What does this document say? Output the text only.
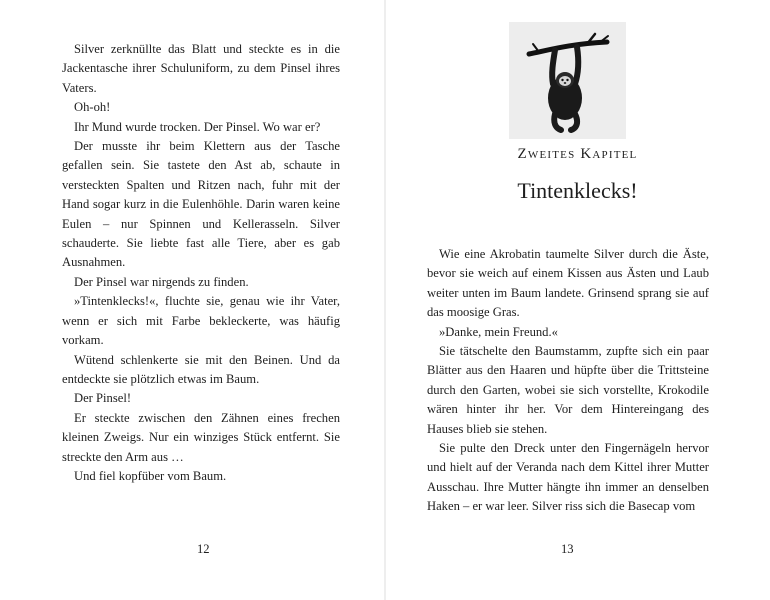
Silver zerknüllte das Blatt und steckte es in die Jackentasche ihrer Schuluniform, zu dem Pinsel ihres Vaters.

Oh-oh!

Ihr Mund wurde trocken. Der Pinsel. Wo war er?

Der musste ihr beim Klettern aus der Tasche gefallen sein. Sie tastete den Ast ab, schaute in versteckten Spalten und Ritzen nach, fuhr mit der Hand sogar kurz in die Eulenhöhle. Darin waren keine Eulen – nur Spinnen und Kellerasseln. Silver schauderte. Sie liebte fast alle Tiere, aber es gab Ausnahmen.

Der Pinsel war nirgends zu finden.

»Tintenklecks!«, fluchte sie, genau wie ihr Vater, wenn er sich mit Farbe bekleckerte, was häufig vorkam.

Wütend schlenkerte sie mit den Beinen. Und da entdeckte sie plötzlich etwas im Baum.

Der Pinsel!

Er steckte zwischen den Zähnen eines frechen kleinen Zweigs. Nur ein winziges Stück entfernt. Sie streckte den Arm aus …

Und fiel kopfüber vom Baum.

12
Zweites Kapitel
Tintenklecks!

Wie eine Akrobatin taumelte Silver durch die Äste, bevor sie weich auf einem Kissen aus Ästen und Laub weiter unten im Baum landete. Grinsend sprang sie auf das moosige Gras.

»Danke, mein Freund.«

Sie tätschelte den Baumstamm, zupfte sich ein paar Blätter aus den Haaren und hüpfte über die Trittsteine durch den Garten, wobei sie sich vorstellte, Krokodile wären hinter ihr her. Vor dem Hintereingang des Hauses blieb sie stehen.

Sie pulte den Dreck unter den Fingernägeln hervor und hielt auf der Veranda nach dem Kittel ihrer Mutter Ausschau. Ihre Mutter hängte ihn immer an denselben Haken – er war leer. Silver riss sich die Basecap vom

13
